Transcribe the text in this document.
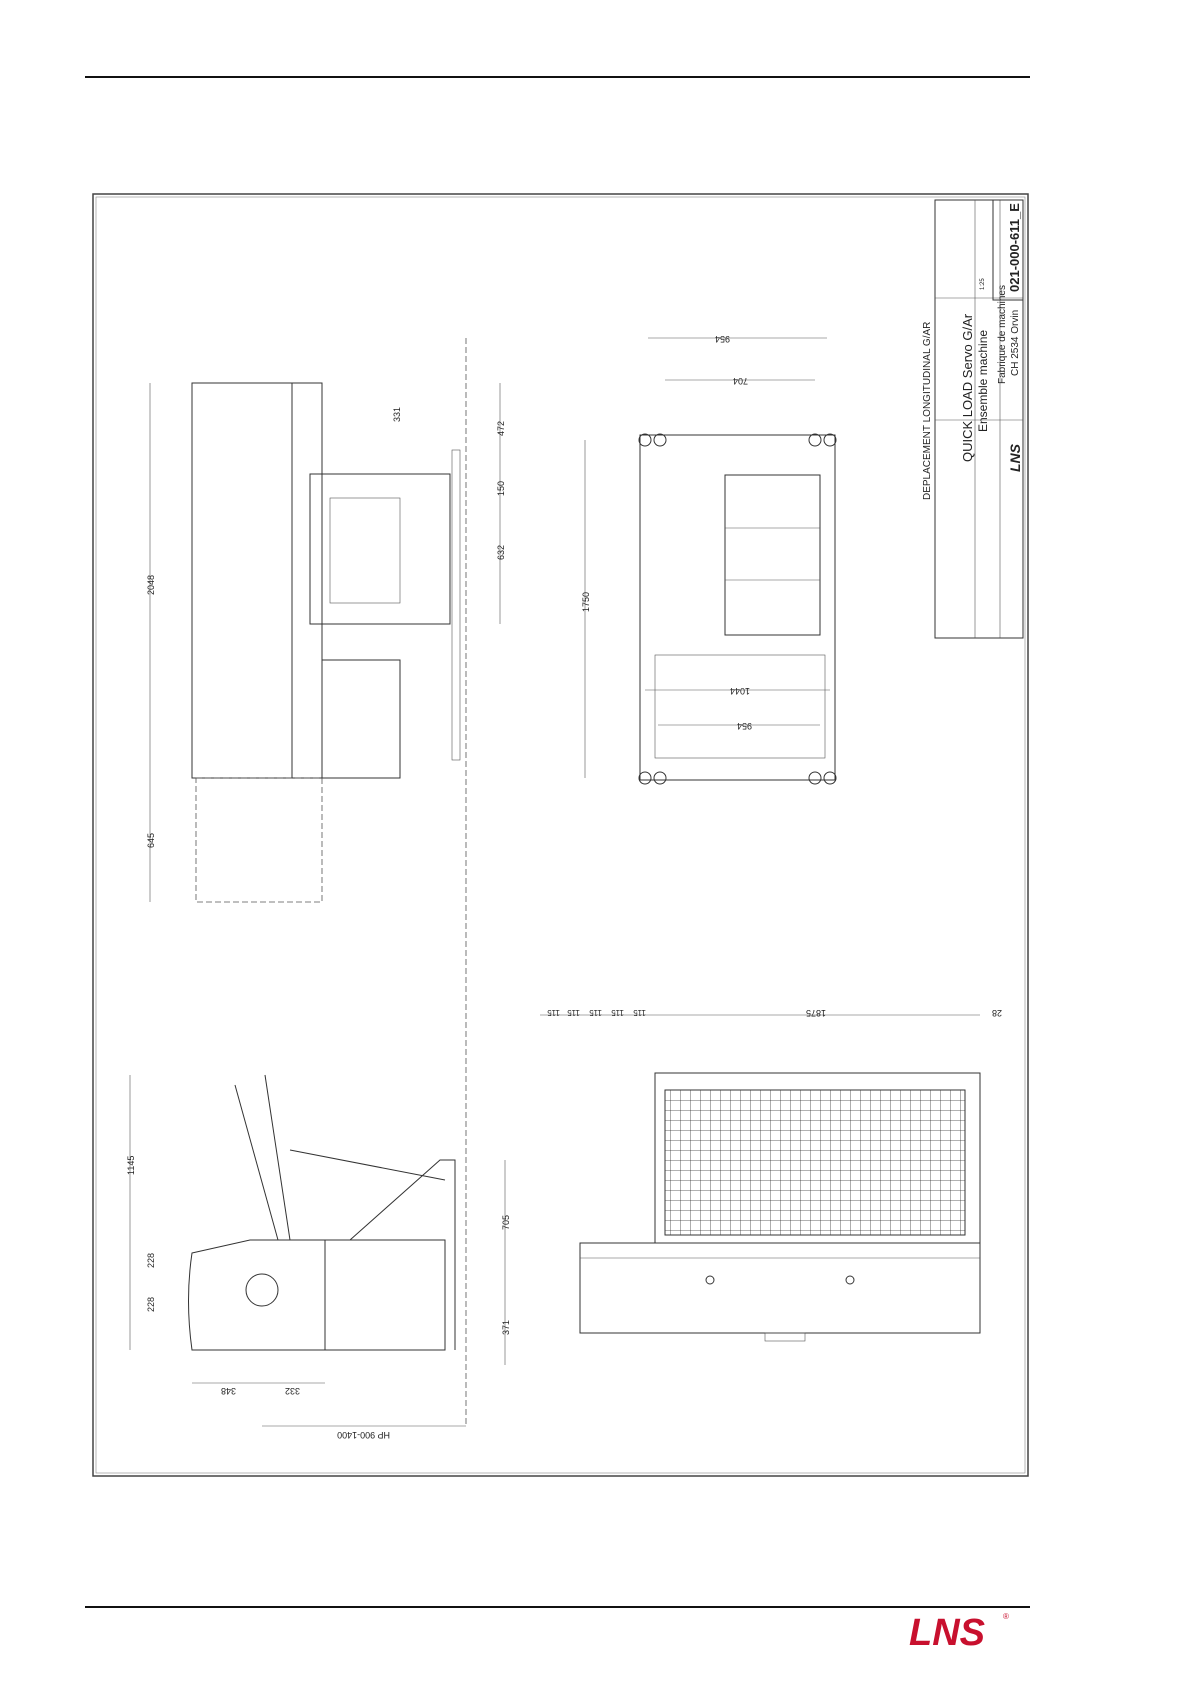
DEPLACEMENT LONGITUDINAL G/AR QUICK LOAD Servo G/Ar Ensemble machine Fabrique de machines CH 2534 Orvin
021-000-611_E
1:25
LNS
2048
645
331
472
150
632
954
704
1750
1044
954
1145
228
228
705
371
348	332
HP 900-1400
115 115 115 115 115	1875	28
LNS ®
